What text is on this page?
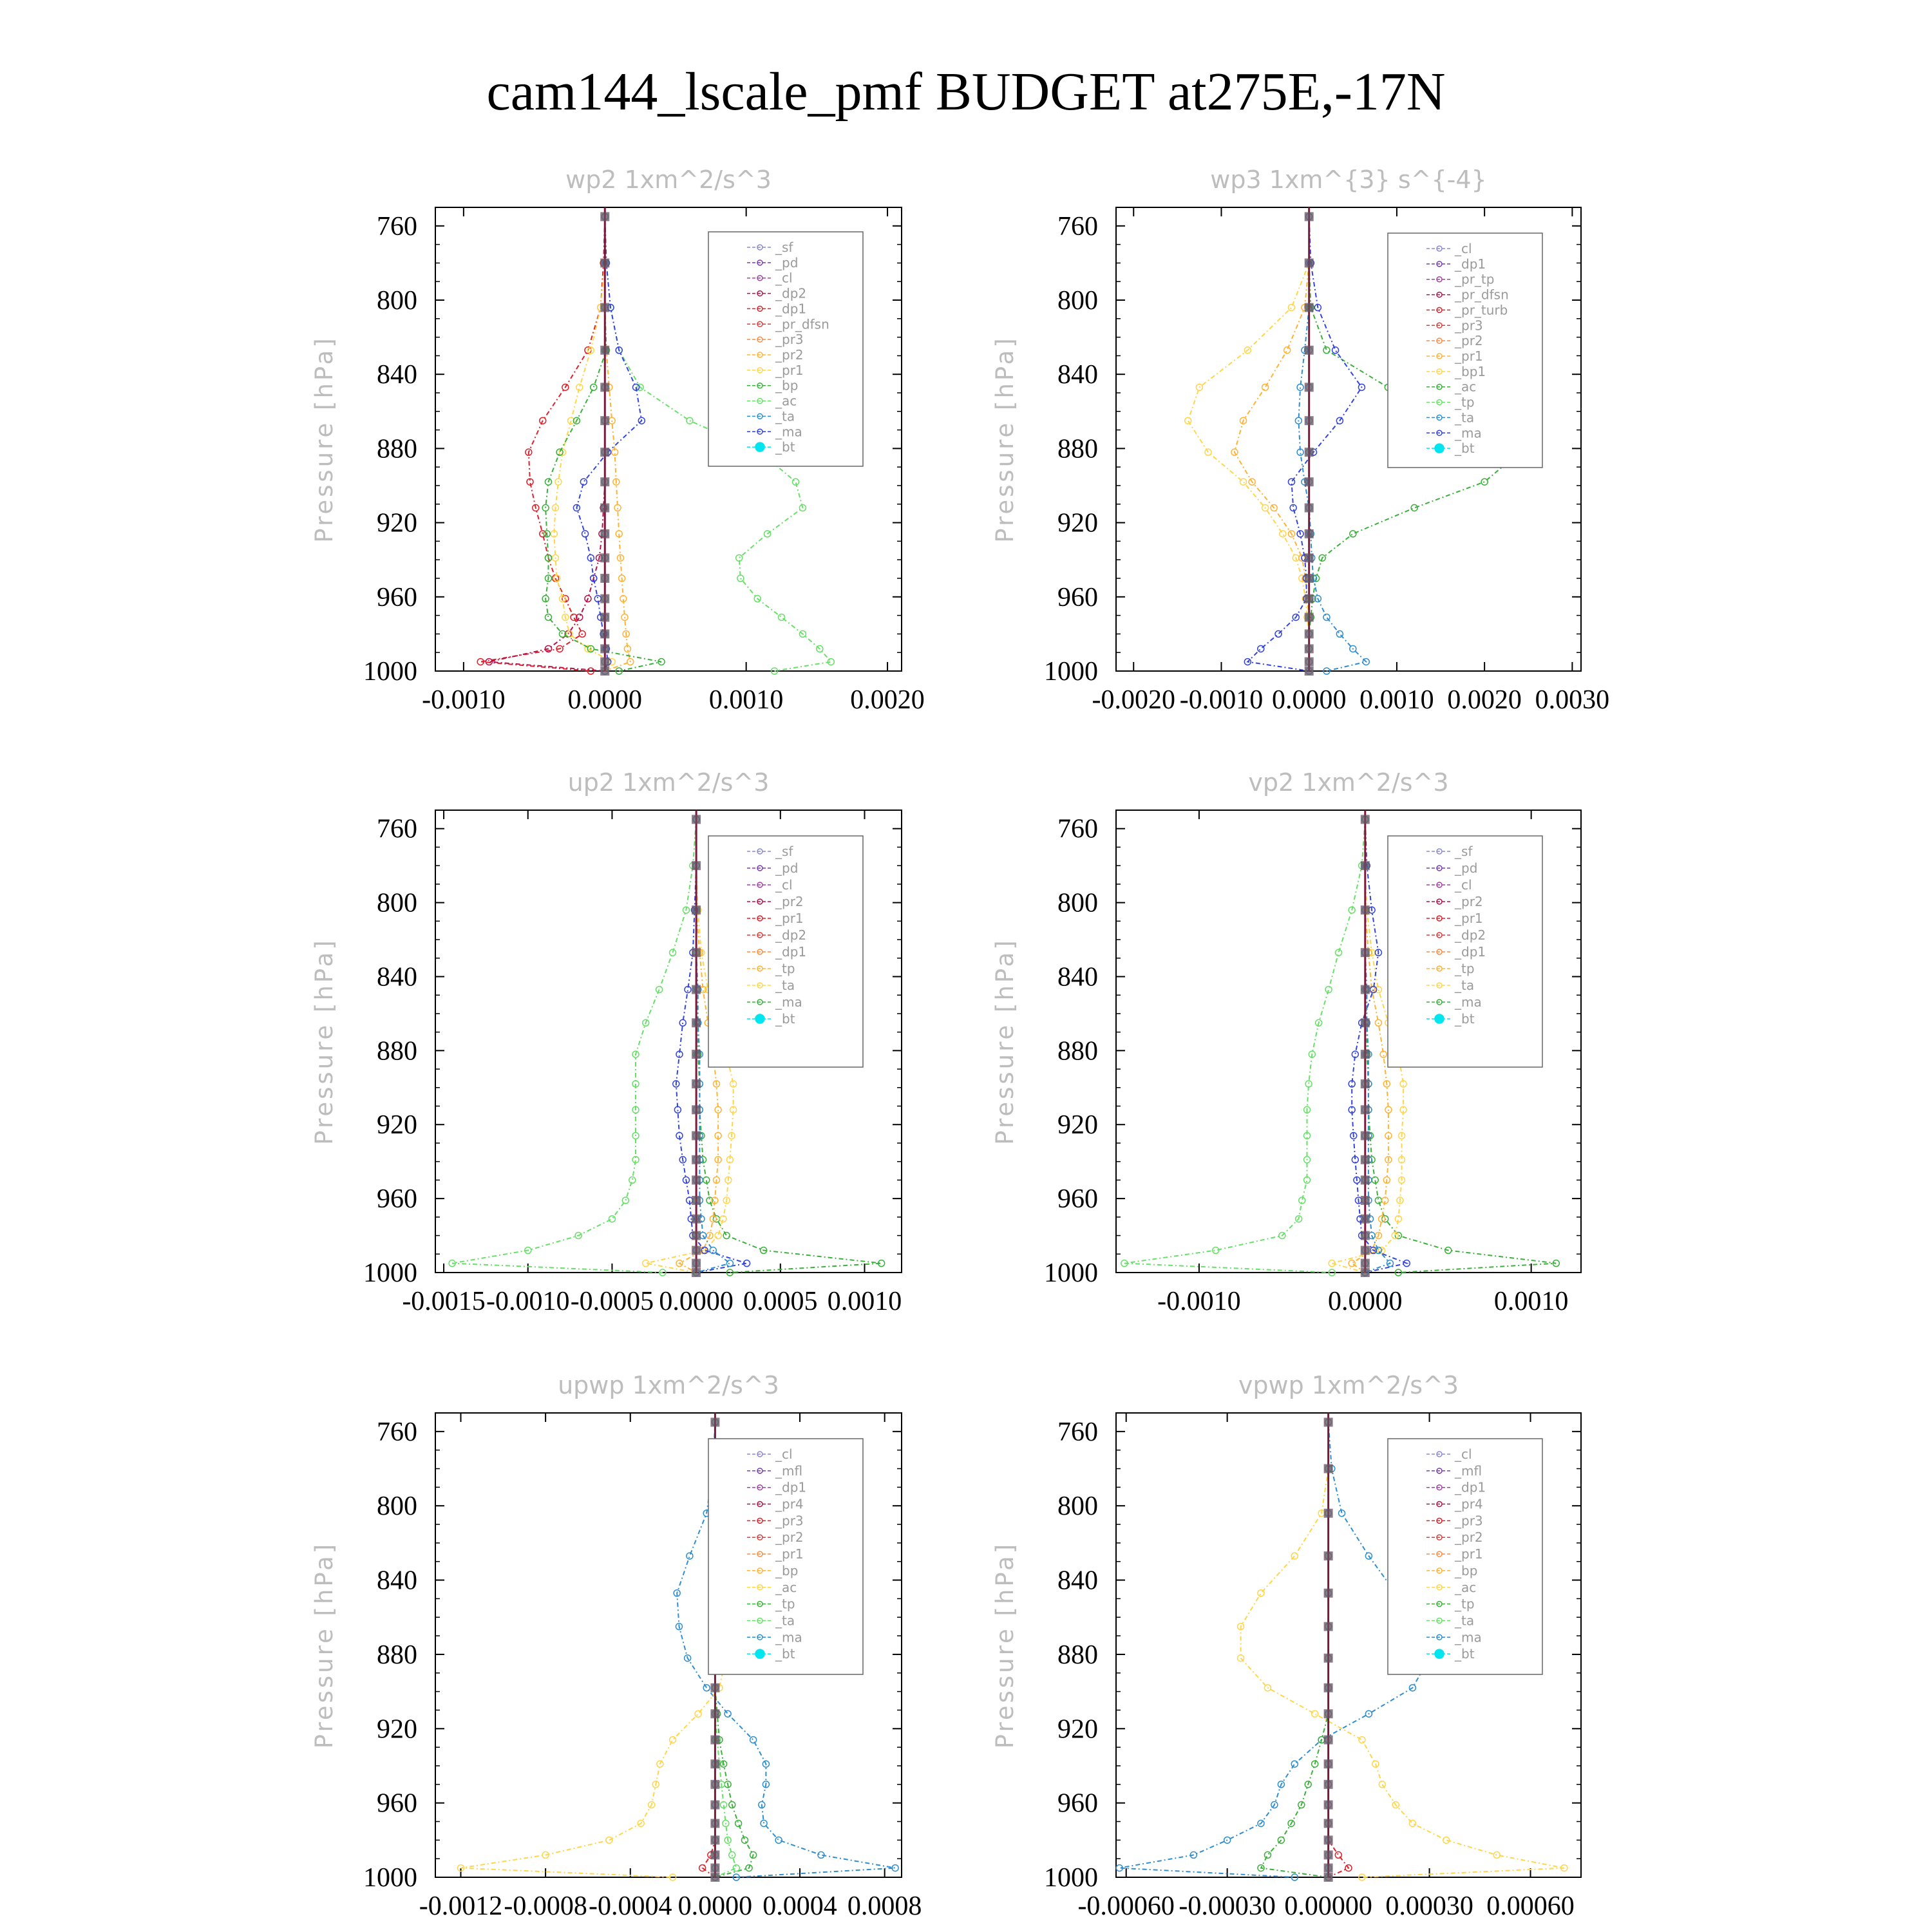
cam144_lscale_pmf BUDGET at275E,-17N
wp2 1xm^2/s^3
Pressure [hPa]
760
800
840
880
920
960
1000
-0.0010 0.0000 0.0010 0.0020
_sf
_pd
_cl
_dp2
_dp1
_pr_dfsn
_pr3
_pr2
_pr1
_bp
_ac
_ta
_ma
_bt
wp3 1xm^{3} s^{-4}
Pressure [hPa]
760
800
840
880
920
960
1000
-0.0020 -0.0010 0.0000 0.0010 0.0020 0.0030
_cl
_dp1
_pr_tp
_pr_dfsn
_pr_turb
_pr3
_pr2
_pr1
_bp1
_ac
_tp
_ta
_ma
_bt
up2 1xm^2/s^3
Pressure [hPa]
760
800
840
880
920
960
1000
-0.0015 -0.0010 -0.0005 0.0000 0.0005 0.0010
_sf
_pd
_cl
_pr2
_pr1
_dp2
_dp1
_tp
_ta
_ma
_bt
vp2 1xm^2/s^3
Pressure [hPa]
760
800
840
880
920
960
1000
-0.0010	0.0000	0.0010
_sf
_pd
_cl
_pr2
_pr1
_dp2
_dp1
_tp
_ta
_ma
_bt
upwp 1xm^2/s^3
Pressure [hPa]
760
800
840
880
920
960
1000
-0.0012 -0.0008 -0.0004 0.0000 0.0004 0.0008
_cl
_mfl
_dp1
_pr4
_pr3
_pr2
_pr1
_bp
_ac
_tp
_ta
_ma
_bt
vpwp 1xm^2/s^3
Pressure [hPa]
760
800
840
880
920
960
1000
-0.00060 -0.00030 0.00000 0.00030 0.00060
_cl
_mfl
_dp1
_pr4
_pr3
_pr2
_pr1
_bp
_ac
_tp
_ta
_ma
_bt
